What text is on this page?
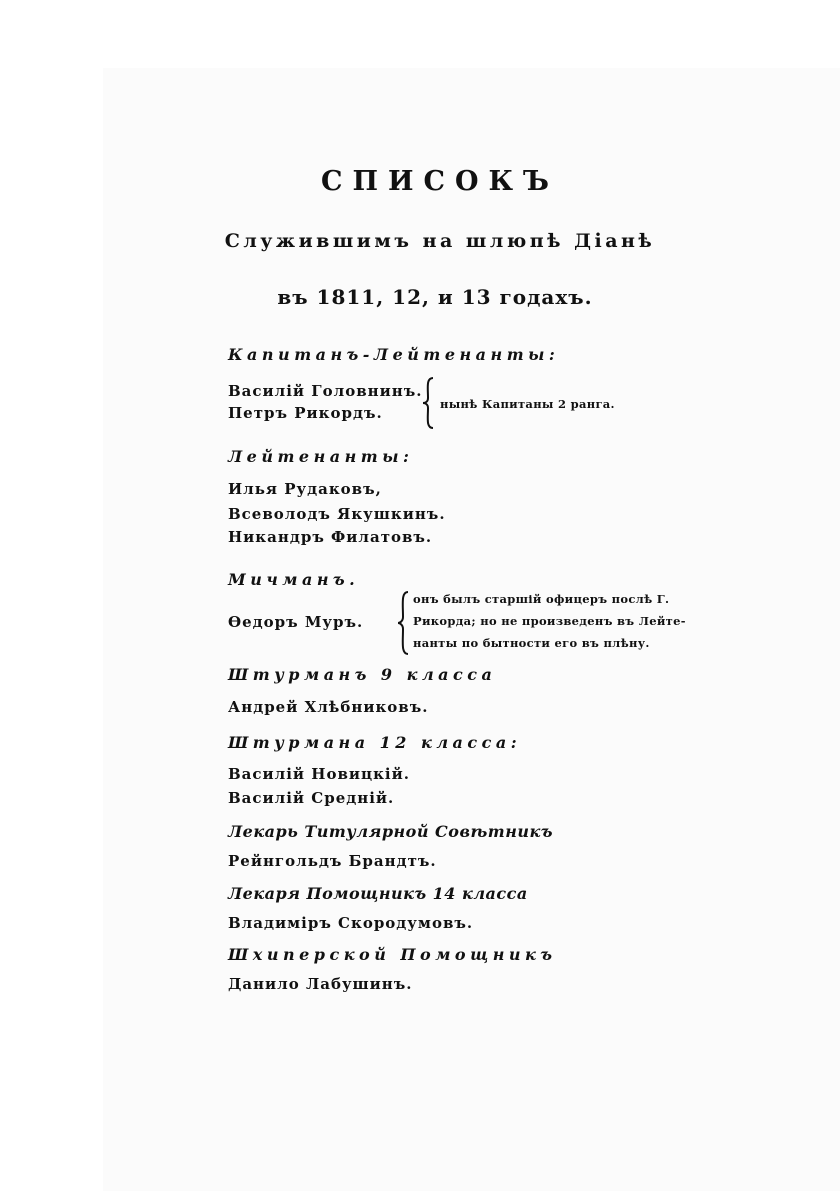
СПИСОКЪ
Служившимъ на шлюпѣ Діанѣ
въ 1811, 12, и 13 годахъ.
Капитанъ-Лейтенанты:
Василій Головнинъ.
Петръ Рикордъ.	нынѣ Капитаны 2 ранга.
Лейтенанты:
Илья Рудаковъ,
Всеволодъ Якушкинъ.
Никандръ Филатовъ.
Мичманъ.
Өедоръ Муръ.
онъ былъ старшій офицеръ послѣ Г.
Рикорда; но не произведенъ въ Лейте-
нанты по бытности его въ плѣну.
Штурманъ 9 класса
Андрей Хлѣбниковъ.
Штурмана 12 класса:
Василій Новицкій.
Василій Средній.
Лекарь Титулярной Совѣтникъ
Рейнгольдъ Брандтъ.
Лекаря Помощникъ 14 класса
Владиміръ Скородумовъ.
Шхиперской Помощникъ
Данило Лабушинъ.
